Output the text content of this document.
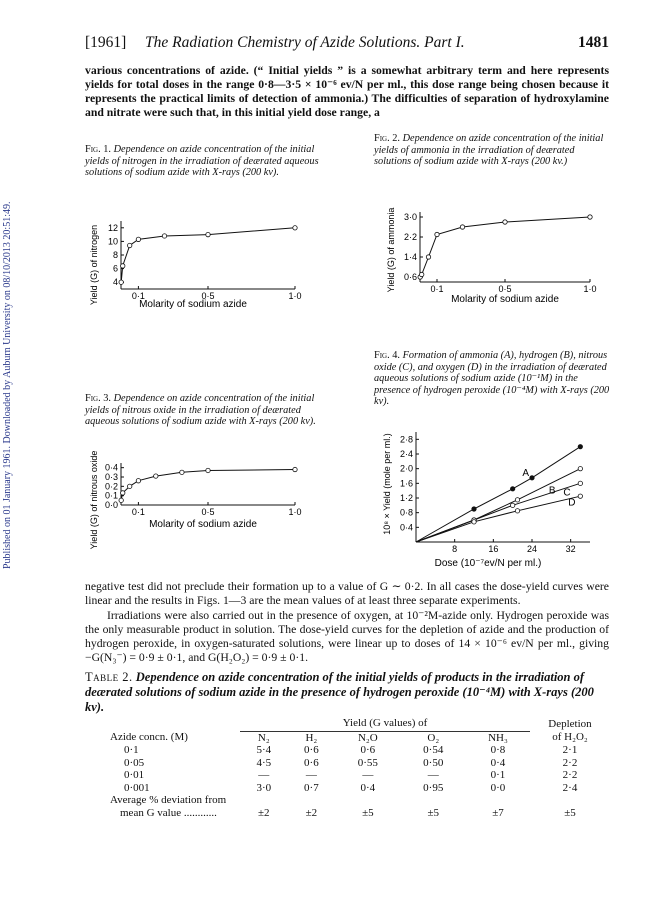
Published on 01 January 1961. Downloaded by Auburn University on 08/10/2013 20:51:49.
[1961] The Radiation Chemistry of Azide Solutions. Part I.	1481
various concentrations of azide. (“ Initial yields ” is a somewhat arbitrary term and here represents yields for total doses in the range 0·8—3·5 × 10⁻⁶ ev/N per ml., this dose range being chosen because it represents the practical limits of detection of ammonia.) The difficulties of separation of hydroxylamine and nitrate were such that, in this initial yield dose range, a
Fig. 1. Dependence on azide concentration of the initial yields of nitrogen in the irradiation of deærated aqueous solutions of sodium azide with X-rays (200 kv).
Fig. 2. Dependence on azide concentration of the initial yields of ammonia in the irradiation of deærated solutions of sodium azide with X-rays (200 kv.)
Fig. 4. Formation of ammonia (A), hydrogen (B), nitrous oxide (C), and oxygen (D) in the irradiation of deærated aqueous solutions of sodium azide (10⁻¹M) in the presence of hydrogen peroxide (10⁻⁴M) with X-rays (200 kv).
Fig. 3. Dependence on azide concentration of the initial yields of nitrous oxide in the irradiation of deærated aqueous solutions of sodium azide with X-rays (200 kv).
Yield (G) of nitrogen	Molarity of sodium azide
12
10
8
6
4
0·1	0·5	1·0
Yield (G) of ammonia
Molarity of sodium azide
3·0
2·2
1·4
0·6
0·1	0·5	1·0
Yield (G) of nitrous oxide	Molarity of sodium azide
0·4
0·3
0·2
0·1
0·0
0·1	0·5	1·0	10⁸ × Yield (mole per ml.)
Dose (10⁻⁷ev/N per ml.)
2·8
2·4
2·0
1·6
1·2
0·8
0·4
8	16	24	32
A
B C
D
negative test did not preclude their formation up to a value of G ∼ 0·2. In all cases the dose-yield curves were linear and the results in Figs. 1—3 are the mean values of at least three separate experiments.
Irradiations were also carried out in the presence of oxygen, at 10⁻²M-azide only. Hydrogen peroxide was the only measurable product in solution. The dose-yield curves for the depletion of azide and the production of hydrogen peroxide, in oxygen-saturated solutions, were linear up to doses of 14 × 10⁻⁶ ev/N per ml., giving −G(N₃⁻) = 0·9 ± 0·1, and G(H₂O₂) = 0·9 ± 0·1.
Table 2. Dependence on azide concentration of the initial yields of products in the irradiation of deærated solutions of sodium azide in the presence of hydrogen peroxide (10⁻⁴M) with X-rays (200 kv).
	Yield (G values) of					Depletion
Azide concn. (M)	N₂	H₂	N₂O	O₂	NH₃	of H₂O₂
0·1	5·4	0·6	0·6	0·54	0·8	2·1
0·05	4·5	0·6	0·55	0·50	0·4	2·2
0·01	—	—	—	—	0·1	2·2
0·001	3·0	0·7	0·4	0·95	0·0	2·4
Average % deviation from						
mean G value ............	±2	±2	±5	±5	±7	±5
